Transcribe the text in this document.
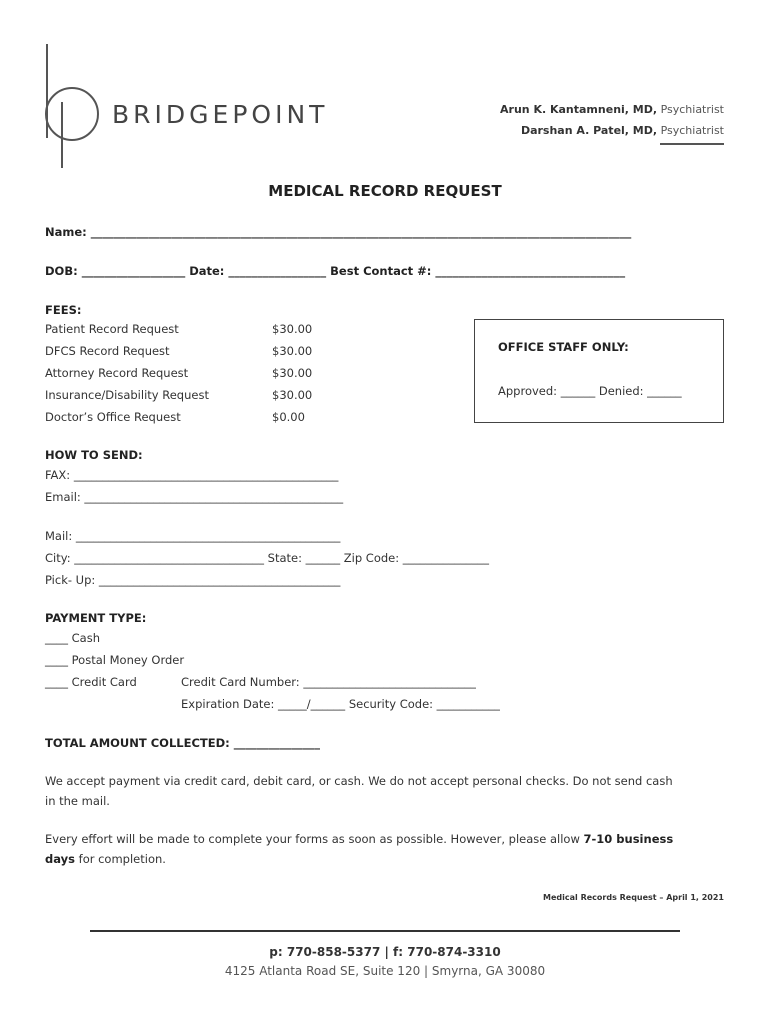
BRIDGEPOINT	Arun K. Kantamneni, MD, Psychiatrist
Darshan A. Patel, MD, Psychiatrist
MEDICAL RECORD REQUEST
Name: ______________________________________________________________________________________________
DOB: __________________ Date: _________________ Best Contact #: _________________________________
FEES:
Patient Record Request	$30.00
DFCS Record Request	$30.00
Attorney Record Request	$30.00
Insurance/Disability Request	$30.00
Doctor’s Office Request	$0.00
OFFICE STAFF ONLY:
Approved: ______ Denied: ______
HOW TO SEND:
FAX: ______________________________________________
Email: _____________________________________________
Mail: ______________________________________________
City: _________________________________ State: ______ Zip Code: _______________
Pick- Up: __________________________________________
PAYMENT TYPE:
____ Cash
____ Postal Money Order
____ Credit Card	Credit Card Number: ______________________________
Expiration Date: _____/______ Security Code: ___________
TOTAL AMOUNT COLLECTED: _______________
We accept payment via credit card, debit card, or cash. We do not accept personal checks. Do not send cash
in the mail.
Every effort will be made to complete your forms as soon as possible. However, please allow 7-10 business
days for completion.
Medical Records Request – April 1, 2021
p: 770-858-5377 | f: 770-874-3310
4125 Atlanta Road SE, Suite 120 | Smyrna, GA 30080
